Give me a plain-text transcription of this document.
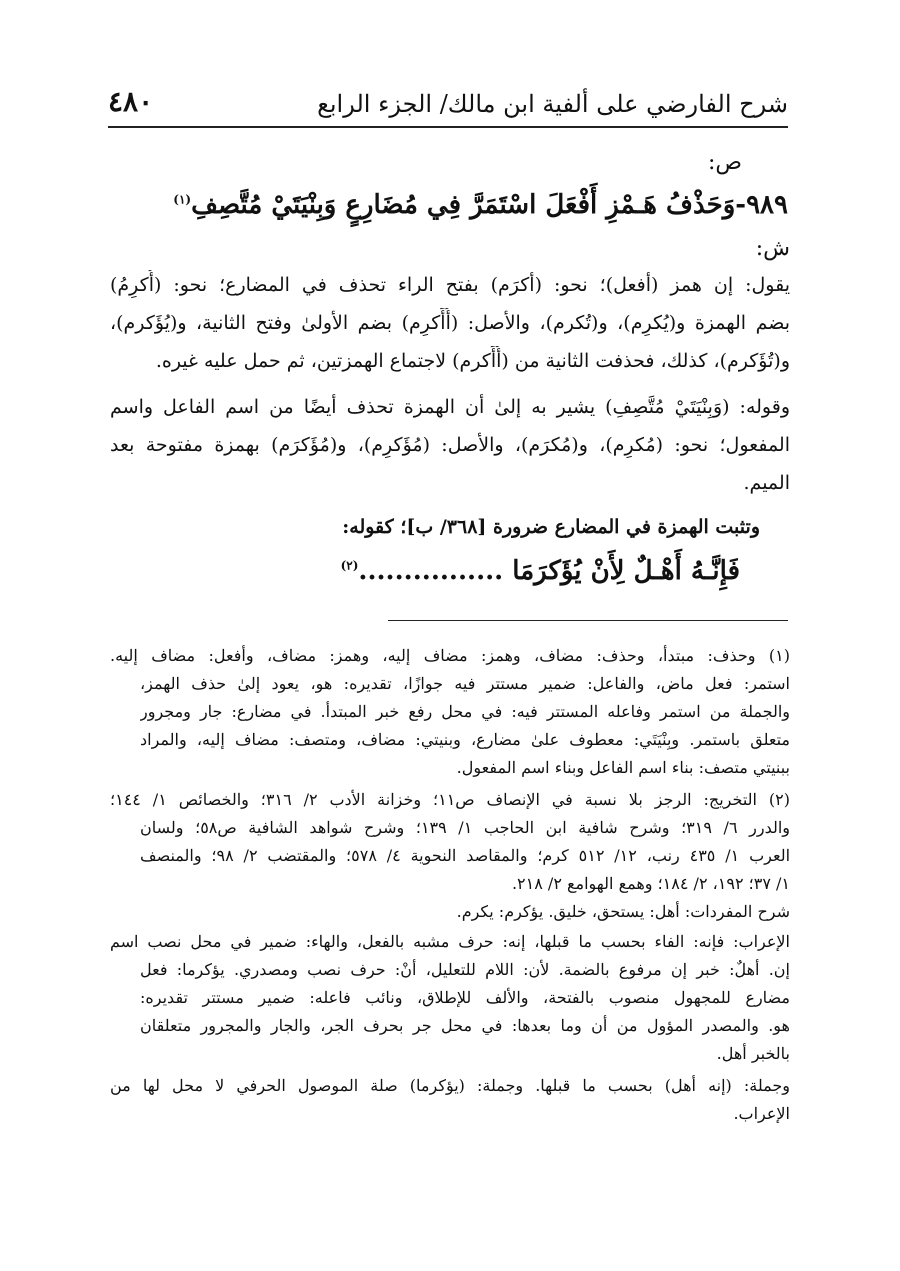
شرح الفارضي على ألفية ابن مالك/ الجزء الرابع
٤٨٠
ص:
٩٨٩-وَحَذْفُ هَـمْزِ أَفْعَلَ اسْتَمَرَّ فِي مُضَارِعٍ وَبِنْيَتَيْ مُتَّصِفِ$^{(١)}$
ش:
يقول: إن همز (أفعل)؛ نحو: (أكرَم) بفتح الراء تحذف في المضارع؛ نحو: (أُكرِمُ)
بضم الهمزة و(يُكرِم)، و(تُكرم)، والأصل: (أُأَكرِم) بضم الأولىٰ وفتح الثانية، و(يُؤَكرم)،
و(تُؤَكرم)، كذلك، فحذفت الثانية من (أُأَكرم) لاجتماع الهمزتين، ثم حمل عليه غيره.
وقوله: (وَبِنْيَتَيْ مُتَّصِفِ) يشير به إلىٰ أن الهمزة تحذف أيضًا من اسم الفاعل واسم
المفعول؛ نحو: (مُكرِم)، و(مُكرَم)، والأصل: (مُؤَكرِم)، و(مُؤَكرَم) بهمزة مفتوحة بعد
الميم.
وتثبت الهمزة في المضارع ضرورة [٣٦٨/ ب]؛ كقوله:
فَإِنَّـهُ أَهْـلٌ لِأَنْ يُؤَكرَمَا ................$^{(٢)}$
(١) وحذف: مبتدأ، وحذف: مضاف، وهمز: مضاف إليه، وهمز: مضاف، وأفعل: مضاف إليه.
استمر: فعل ماض، والفاعل: ضمير مستتر فيه جوازًا، تقديره: هو، يعود إلىٰ حذف الهمز،
والجملة من استمر وفاعله المستتر فيه: في محل رفع خبر المبتدأ. في مضارع: جار ومجرور
متعلق باستمر. وبِنْيَتَي: معطوف علىٰ مضارع، وبنيتي: مضاف، ومتصف: مضاف إليه، والمراد
ببنيتي متصف: بناء اسم الفاعل وبناء اسم المفعول.
(٢) التخريج: الرجز بلا نسبة في الإنصاف ص١١؛ وخزانة الأدب ٢/ ٣١٦؛ والخصائص ١/ ١٤٤؛
والدرر ٦/ ٣١٩؛ وشرح شافية ابن الحاجب ١/ ١٣٩؛ وشرح شواهد الشافية ص٥٨؛ ولسان
العرب ١/ ٤٣٥ رنب، ١٢/ ٥١٢ كرم؛ والمقاصد النحوية ٤/ ٥٧٨؛ والمقتضب ٢/ ٩٨؛ والمنصف
١/ ٣٧؛ ١٩٢، ٢/ ١٨٤؛ وهمع الهوامع ٢/ ٢١٨.
شرح المفردات: أهل: يستحق، خليق. يؤكرم: يكرم.
الإعراب: فإنه: الفاء بحسب ما قبلها، إنه: حرف مشبه بالفعل، والهاء: ضمير في محل نصب اسم
إن. أهلٌ: خبر إن مرفوع بالضمة. لأن: اللام للتعليل، أنْ: حرف نصب ومصدري. يؤكرما: فعل
مضارع للمجهول منصوب بالفتحة، والألف للإطلاق، ونائب فاعله: ضمير مستتر تقديره:
هو. والمصدر المؤول من أن وما بعدها: في محل جر بحرف الجر، والجار والمجرور متعلقان
بالخبر أهل.
وجملة: (إنه أهل) بحسب ما قبلها. وجملة: (يؤكرما) صلة الموصول الحرفي لا محل لها من
الإعراب.
